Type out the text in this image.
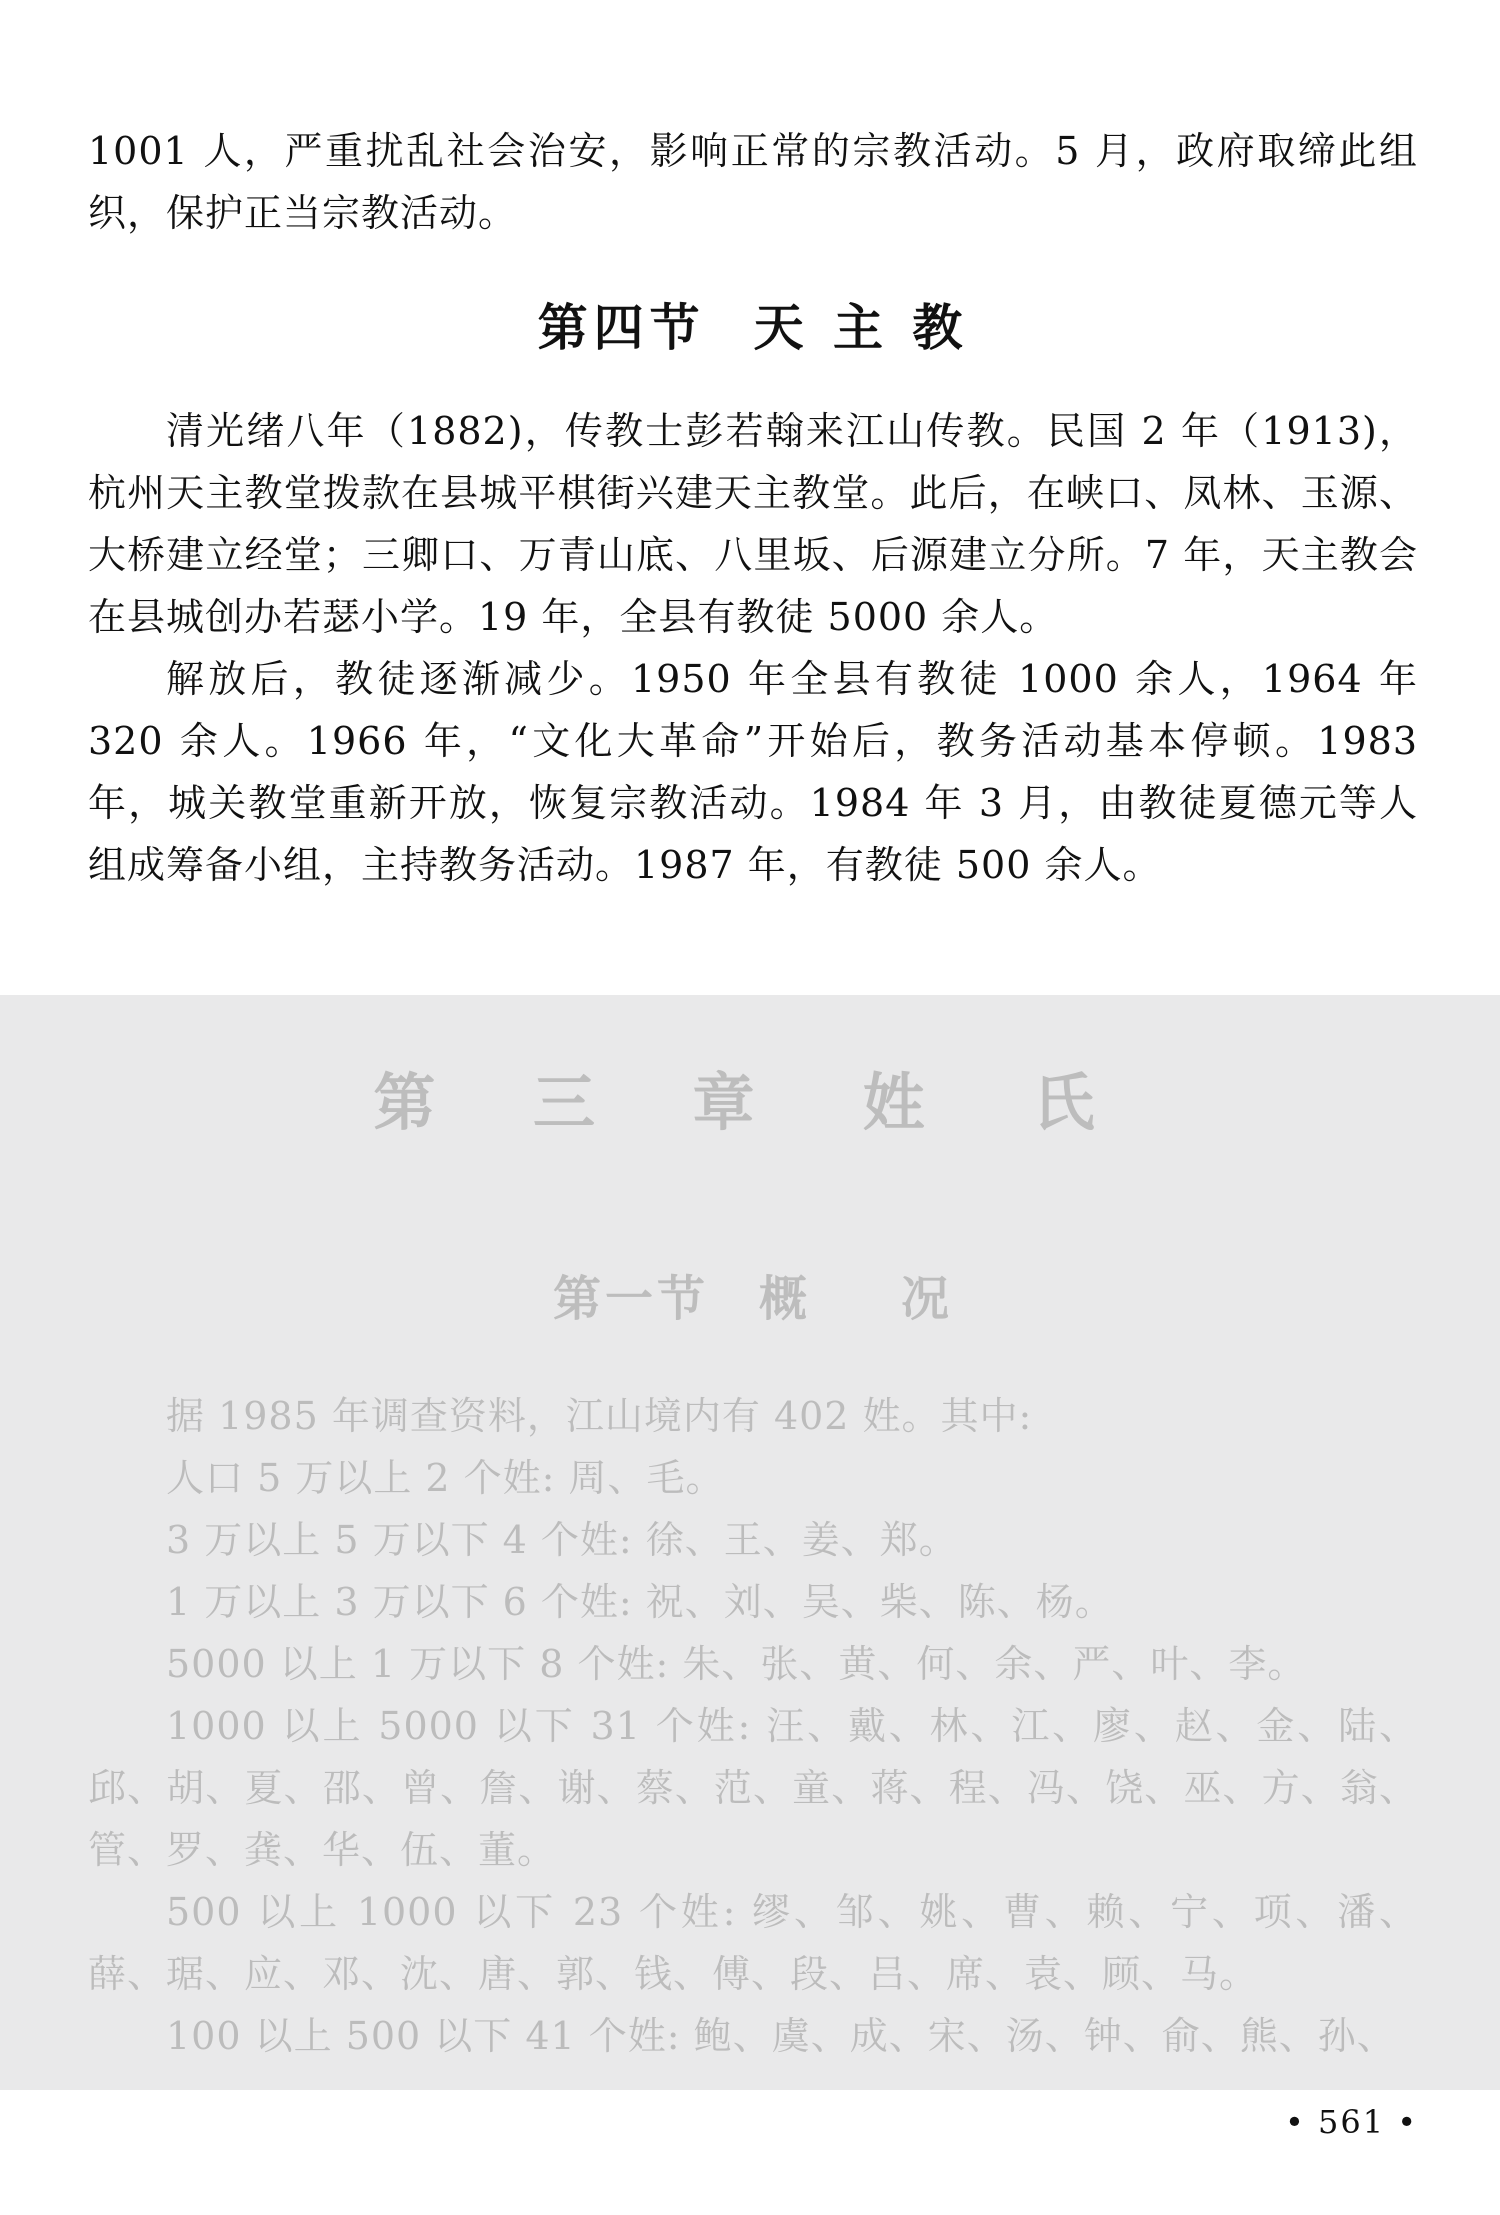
1001 人，严重扰乱社会治安，影响正常的宗教活动。5 月，政府取缔此组织，保护正当宗教活动。

第四节 天 主 教

清光绪八年（1882)，传教士彭若翰来江山传教。民国 2 年（1913)，杭州天主教堂拨款在县城平棋街兴建天主教堂。此后，在峡口、凤林、玉源、大桥建立经堂；三卿口、万青山底、八里坂、后源建立分所。7 年，天主教会在县城创办若瑟小学。19 年，全县有教徒 5000 余人。

解放后，教徒逐渐减少。1950 年全县有教徒 1000 余人，1964 年 320 余人。1966 年，“文化大革命”开始后，教务活动基本停顿。1983 年，城关教堂重新开放，恢复宗教活动。1984 年 3 月，由教徒夏德元等人组成筹备小组，主持教务活动。1987 年，有教徒 500 余人。

第 三 章 姓 氏
第一节 概 况

据 1985 年调查资料，江山境内有 402 姓。其中:

人口 5 万以上 2 个姓: 周、毛。

3 万以上 5 万以下 4 个姓: 徐、王、姜、郑。

1 万以上 3 万以下 6 个姓: 祝、刘、吴、柴、陈、杨。

5000 以上 1 万以下 8 个姓: 朱、张、黄、何、余、严、叶、李。

1000 以上 5000 以下 31 个姓: 汪、戴、林、江、廖、赵、金、陆、邱、胡、夏、邵、曾、詹、谢、蔡、范、童、蒋、程、冯、饶、巫、方、翁、管、罗、龚、华、伍、董。

500 以上 1000 以下 23 个姓: 缪、邹、姚、曹、赖、宁、项、潘、薛、琚、应、邓、沈、唐、郭、钱、傅、段、吕、席、袁、顾、马。

100 以上 500 以下 41 个姓: 鲍、虞、成、宋、汤、钟、俞、熊、孙、

• 561 •
